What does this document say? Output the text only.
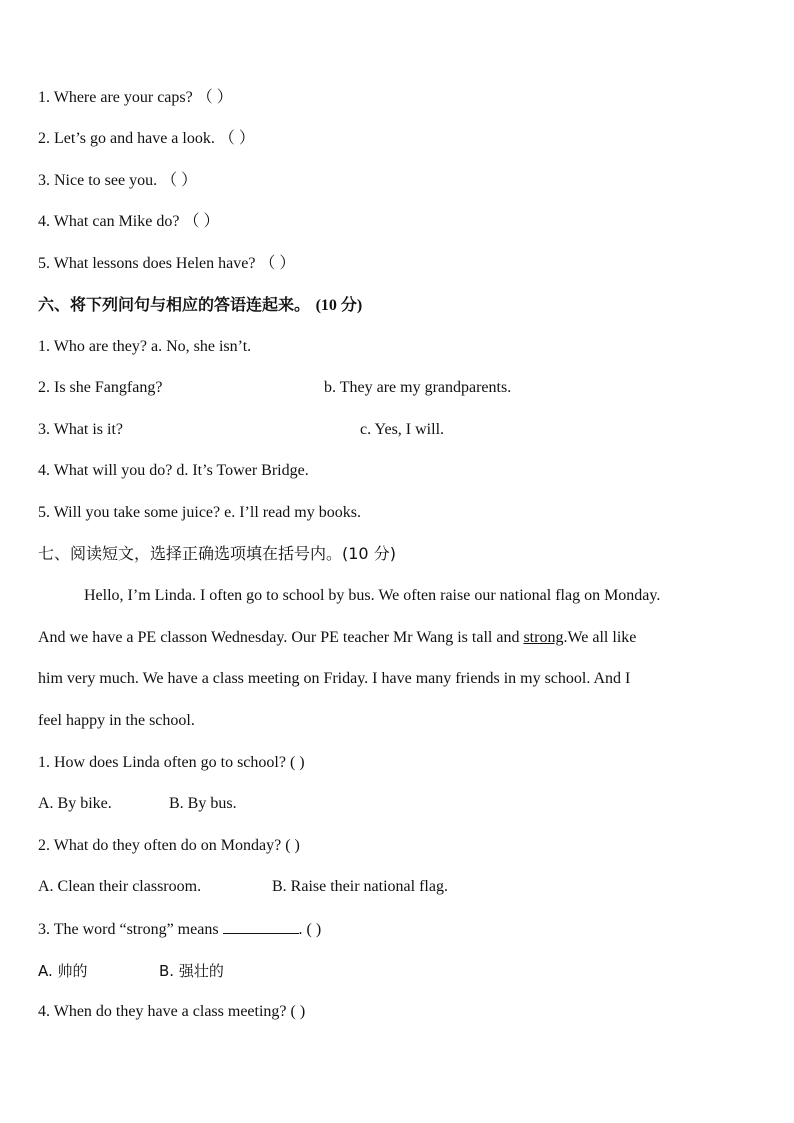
1. Where are your caps? （ ）
2. Let’s go and have a look. （ ）
3. Nice to see you. （ ）
4. What can Mike do? （ ）
5. What lessons does Helen have? （ ）
六、将下列问句与相应的答语连起来。 (10 分)
1. Who are they? a. No, she isn’t.
2. Is she Fangfang?	b. They are my grandparents.
3. What is it?	c. Yes, I will.
4. What will you do? d. It’s Tower Bridge.
5. Will you take some juice? e. I’ll read my books.
七、阅读短文，选择正确选项填在括号内。(10 分)
Hello, I’m Linda. I often go to school by bus. We often raise our national flag on Monday.
And we have a PE classon Wednesday. Our PE teacher Mr Wang is tall and strong.We all like
him very much. We have a class meeting on Friday. I have many friends in my school. And I
feel happy in the school.
1. How does Linda often go to school? ( )
A. By bike.	B. By bus.
2. What do they often do on Monday? ( )
A. Clean their classroom.	B. Raise their national flag.
3. The word “strong” means	. ( )
A. 帅的	B. 强壮的
4. When do they have a class meeting? ( )
